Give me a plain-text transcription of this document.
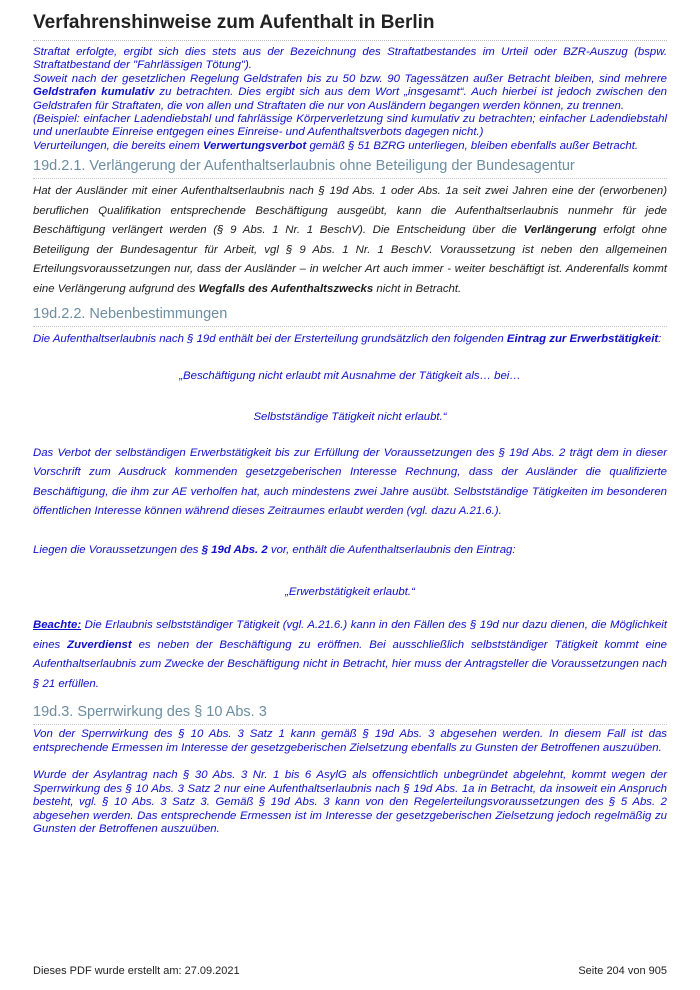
Verfahrenshinweise zum Aufenthalt in Berlin

Straftat erfolgte, ergibt sich dies stets aus der Bezeichnung des Straftatbestandes im Urteil oder BZR-Auszug (bspw. Straftatbestand der "Fahrlässigen Tötung").

Soweit nach der gesetzlichen Regelung Geldstrafen bis zu 50 bzw. 90 Tagessätzen außer Betracht bleiben, sind mehrere Geldstrafen kumulativ zu betrachten. Dies ergibt sich aus dem Wort „insgesamt“. Auch hierbei ist jedoch zwischen den Geldstrafen für Straftaten, die von allen und Straftaten die nur von Ausländern begangen werden können, zu trennen.

(Beispiel: einfacher Ladendiebstahl und fahrlässige Körperverletzung sind kumulativ zu betrachten; einfacher Ladendiebstahl und unerlaubte Einreise entgegen eines Einreise- und Aufenthaltsverbots dagegen nicht.)

Verurteilungen, die bereits einem Verwertungsverbot gemäß § 51 BZRG unterliegen, bleiben ebenfalls außer Betracht.

19d.2.1. Verlängerung der Aufenthaltserlaubnis ohne Beteiligung der Bundesagentur

Hat der Ausländer mit einer Aufenthaltserlaubnis nach § 19d Abs. 1 oder Abs. 1a seit zwei Jahren eine der (erworbenen) beruflichen Qualifikation entsprechende Beschäftigung ausgeübt, kann die Aufenthaltserlaubnis nunmehr für jede Beschäftigung verlängert werden (§ 9 Abs. 1 Nr. 1 BeschV). Die Entscheidung über die Verlängerung erfolgt ohne Beteiligung der Bundesagentur für Arbeit, vgl § 9 Abs. 1 Nr. 1 BeschV. Voraussetzung ist neben den allgemeinen Erteilungsvoraussetzungen nur, dass der Ausländer – in welcher Art auch immer - weiter beschäftigt ist. Anderenfalls kommt eine Verlängerung aufgrund des Wegfalls des Aufenthaltszwecks nicht in Betracht.

19d.2.2. Nebenbestimmungen

Die Aufenthaltserlaubnis nach § 19d enthält bei der Ersterteilung grundsätzlich den folgenden Eintrag zur Erwerbstätigkeit:

„Beschäftigung nicht erlaubt mit Ausnahme der Tätigkeit als… bei…

Selbstständige Tätigkeit nicht erlaubt.“

Das Verbot der selbständigen Erwerbstätigkeit bis zur Erfüllung der Voraussetzungen des § 19d Abs. 2 trägt dem in dieser Vorschrift zum Ausdruck kommenden gesetzgeberischen Interesse Rechnung, dass der Ausländer die qualifizierte Beschäftigung, die ihm zur AE verholfen hat, auch mindestens zwei Jahre ausübt. Selbstständige Tätigkeiten im besonderen öffentlichen Interesse können während dieses Zeitraumes erlaubt werden (vgl. dazu A.21.6.).

Liegen die Voraussetzungen des § 19d Abs. 2 vor, enthält die Aufenthaltserlaubnis den Eintrag:

„Erwerbstätigkeit erlaubt.“

Beachte: Die Erlaubnis selbstständiger Tätigkeit (vgl. A.21.6.) kann in den Fällen des § 19d nur dazu dienen, die Möglichkeit eines Zuverdienst es neben der Beschäftigung zu eröffnen. Bei ausschließlich selbstständiger Tätigkeit kommt eine Aufenthaltserlaubnis zum Zwecke der Beschäftigung nicht in Betracht, hier muss der Antragsteller die Voraussetzungen nach § 21 erfüllen.

19d.3. Sperrwirkung des § 10 Abs. 3

Von der Sperrwirkung des § 10 Abs. 3 Satz 1 kann gemäß § 19d Abs. 3 abgesehen werden. In diesem Fall ist das entsprechende Ermessen im Interesse der gesetzgeberischen Zielsetzung ebenfalls zu Gunsten der Betroffenen auszuüben.

Wurde der Asylantrag nach § 30 Abs. 3 Nr. 1 bis 6 AsylG als offensichtlich unbegründet abgelehnt, kommt wegen der Sperrwirkung des § 10 Abs. 3 Satz 2 nur eine Aufenthaltserlaubnis nach § 19d Abs. 1a in Betracht, da insoweit ein Anspruch besteht, vgl. § 10 Abs. 3 Satz 3. Gemäß § 19d Abs. 3 kann von den Regelerteilungsvoraussetzungen des § 5 Abs. 2 abgesehen werden. Das entsprechende Ermessen ist im Interesse der gesetzgeberischen Zielsetzung jedoch regelmäßig zu Gunsten der Betroffenen auszuüben.

Dieses PDF wurde erstellt am: 27.09.2021	Seite 204 von 905
